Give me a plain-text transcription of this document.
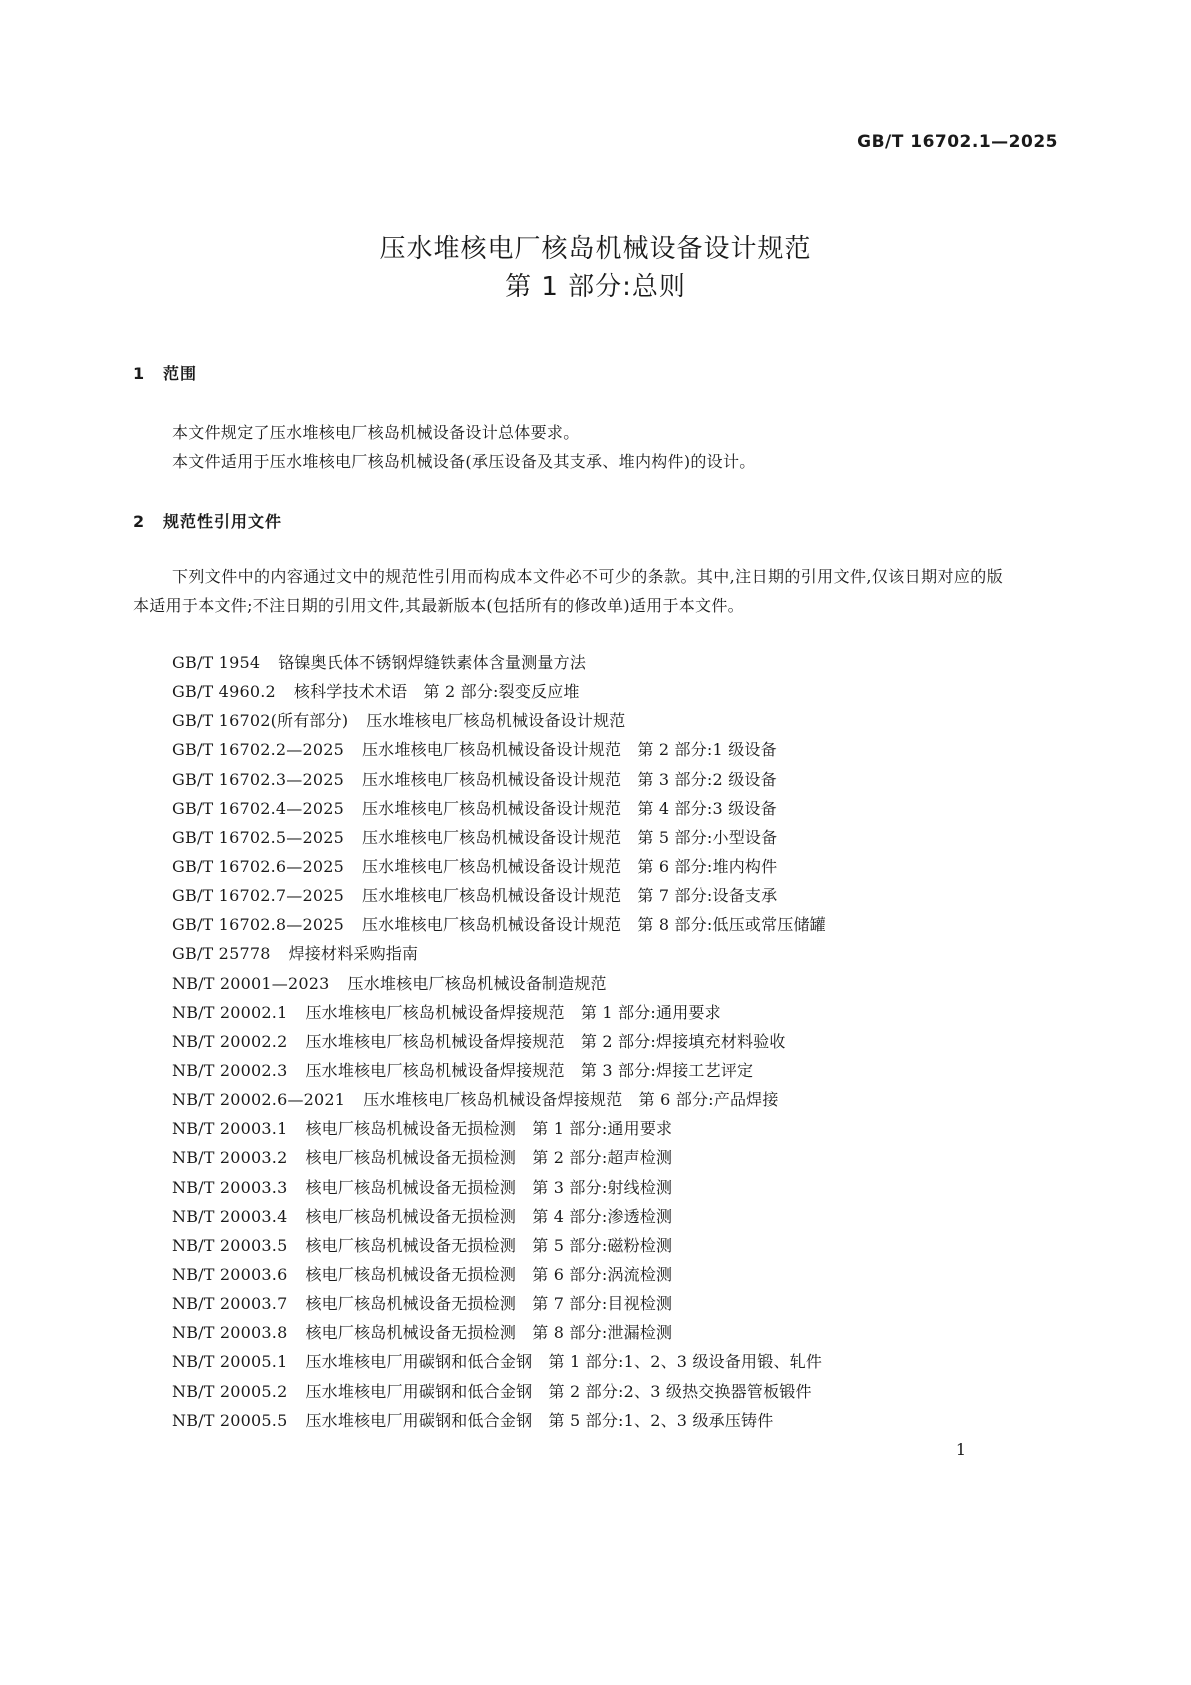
GB/T 16702.1—2025
压水堆核电厂核岛机械设备设计规范
第 1 部分:总则
1 范围
本文件规定了压水堆核电厂核岛机械设备设计总体要求。
本文件适用于压水堆核电厂核岛机械设备(承压设备及其支承、堆内构件)的设计。
2 规范性引用文件

下列文件中的内容通过文中的规范性引用而构成本文件必不可少的条款。其中,注日期的引用文件,仅该日期对应的版本适用于本文件;不注日期的引用文件,其最新版本(包括所有的修改单)适用于本文件。

GB/T 1954 铬镍奥氏体不锈钢焊缝铁素体含量测量方法
GB/T 4960.2 核科学技术术语　第 2 部分:裂变反应堆
GB/T 16702(所有部分) 压水堆核电厂核岛机械设备设计规范
GB/T 16702.2—2025 压水堆核电厂核岛机械设备设计规范　第 2 部分:1 级设备
GB/T 16702.3—2025 压水堆核电厂核岛机械设备设计规范　第 3 部分:2 级设备
GB/T 16702.4—2025 压水堆核电厂核岛机械设备设计规范　第 4 部分:3 级设备
GB/T 16702.5—2025 压水堆核电厂核岛机械设备设计规范　第 5 部分:小型设备
GB/T 16702.6—2025 压水堆核电厂核岛机械设备设计规范　第 6 部分:堆内构件
GB/T 16702.7—2025 压水堆核电厂核岛机械设备设计规范　第 7 部分:设备支承
GB/T 16702.8—2025 压水堆核电厂核岛机械设备设计规范　第 8 部分:低压或常压储罐
GB/T 25778 焊接材料采购指南
NB/T 20001—2023 压水堆核电厂核岛机械设备制造规范
NB/T 20002.1 压水堆核电厂核岛机械设备焊接规范　第 1 部分:通用要求
NB/T 20002.2 压水堆核电厂核岛机械设备焊接规范　第 2 部分:焊接填充材料验收
NB/T 20002.3 压水堆核电厂核岛机械设备焊接规范　第 3 部分:焊接工艺评定
NB/T 20002.6—2021 压水堆核电厂核岛机械设备焊接规范　第 6 部分:产品焊接
NB/T 20003.1 核电厂核岛机械设备无损检测　第 1 部分:通用要求
NB/T 20003.2 核电厂核岛机械设备无损检测　第 2 部分:超声检测
NB/T 20003.3 核电厂核岛机械设备无损检测　第 3 部分:射线检测
NB/T 20003.4 核电厂核岛机械设备无损检测　第 4 部分:渗透检测
NB/T 20003.5 核电厂核岛机械设备无损检测　第 5 部分:磁粉检测
NB/T 20003.6 核电厂核岛机械设备无损检测　第 6 部分:涡流检测
NB/T 20003.7 核电厂核岛机械设备无损检测　第 7 部分:目视检测
NB/T 20003.8 核电厂核岛机械设备无损检测　第 8 部分:泄漏检测
NB/T 20005.1 压水堆核电厂用碳钢和低合金钢　第 1 部分:1、2、3 级设备用锻、轧件
NB/T 20005.2 压水堆核电厂用碳钢和低合金钢　第 2 部分:2、3 级热交换器管板锻件
NB/T 20005.5 压水堆核电厂用碳钢和低合金钢　第 5 部分:1、2、3 级承压铸件
1
